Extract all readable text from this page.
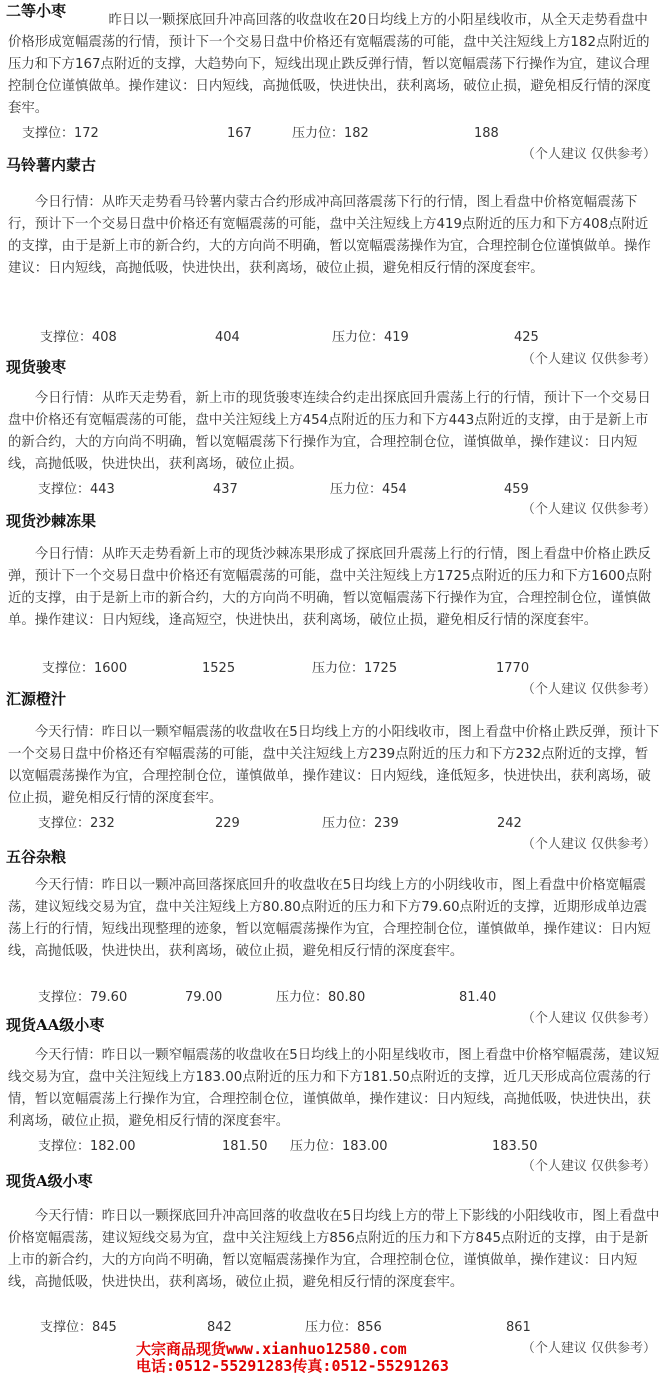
二等小枣
昨日以一颗探底回升冲高回落的收盘收在20日均线上方的小阳星线收市，从全天走势看盘中价格形成宽幅震荡的行情，预计下一个交易日盘中价格还有宽幅震荡的可能，盘中关注短线上方182点附近的压力和下方167点附近的支撑，大趋势向下，短线出现止跌反弹行情，暂以宽幅震荡下行操作为宜，建议合理控制仓位谨慎做单。操作建议：日内短线，高抛低吸，快进快出，获利离场，破位止损，避免相反行情的深度套牢。
支撑位：172	167	压力位：182	188
（个人建议 仅供参考）
马铃薯内蒙古
今日行情：从昨天走势看马铃薯内蒙古合约形成冲高回落震荡下行的行情，图上看盘中价格宽幅震荡下行，预计下一个交易日盘中价格还有宽幅震荡的可能，盘中关注短线上方419点附近的压力和下方408点附近的支撑，由于是新上市的新合约，大的方向尚不明确，暂以宽幅震荡操作为宜，合理控制仓位谨慎做单。操作建议：日内短线，高抛低吸，快进快出，获利离场，破位止损，避免相反行情的深度套牢。
支撑位：408	404	压力位：419	425
（个人建议 仅供参考）
现货骏枣
今日行情：从昨天走势看，新上市的现货骏枣连续合约走出探底回升震荡上行的行情，预计下一个交易日盘中价格还有宽幅震荡的可能，盘中关注短线上方454点附近的压力和下方443点附近的支撑，由于是新上市的新合约，大的方向尚不明确，暂以宽幅震荡下行操作为宜，合理控制仓位，谨慎做单，操作建议：日内短线，高抛低吸，快进快出，获利离场，破位止损。
支撑位：443	437	压力位：454	459
（个人建议 仅供参考）
现货沙棘冻果
今日行情：从昨天走势看新上市的现货沙棘冻果形成了探底回升震荡上行的行情，图上看盘中价格止跌反弹，预计下一个交易日盘中价格还有宽幅震荡的可能，盘中关注短线上方1725点附近的压力和下方1600点附近的支撑，由于是新上市的新合约，大的方向尚不明确，暂以宽幅震荡下行操作为宜，合理控制仓位，谨慎做单。操作建议：日内短线，逢高短空，快进快出，获利离场，破位止损，避免相反行情的深度套牢。
支撑位：1600	1525	压力位：1725	1770
（个人建议 仅供参考）
汇源橙汁
今天行情：昨日以一颗窄幅震荡的收盘收在5日均线上方的小阳线收市，图上看盘中价格止跌反弹，预计下一个交易日盘中价格还有窄幅震荡的可能，盘中关注短线上方239点附近的压力和下方232点附近的支撑，暂以宽幅震荡操作为宜，合理控制仓位，谨慎做单，操作建议：日内短线，逢低短多，快进快出，获利离场，破位止损，避免相反行情的深度套牢。
支撑位：232	229	压力位：239	242
（个人建议 仅供参考）
五谷杂粮
今天行情：昨日以一颗冲高回落探底回升的收盘收在5日均线上方的小阴线收市，图上看盘中价格宽幅震荡，建议短线交易为宜，盘中关注短线上方80.80点附近的压力和下方79.60点附近的支撑，近期形成单边震荡上行的行情，短线出现整理的迹象，暂以宽幅震荡操作为宜，合理控制仓位，谨慎做单，操作建议：日内短线，高抛低吸，快进快出，获利离场，破位止损，避免相反行情的深度套牢。
支撑位：79.60	79.00	压力位：80.80	81.40
（个人建议 仅供参考）
现货AA级小枣
今天行情：昨日以一颗窄幅震荡的收盘收在5日均线上的小阳星线收市，图上看盘中价格窄幅震荡，建议短线交易为宜，盘中关注短线上方183.00点附近的压力和下方181.50点附近的支撑，近几天形成高位震荡的行情，暂以宽幅震荡上行操作为宜，合理控制仓位，谨慎做单，操作建议：日内短线，高抛低吸，快进快出，获利离场，破位止损，避免相反行情的深度套牢。
支撑位：182.00	181.50 压力位：183.00	183.50
（个人建议 仅供参考）
现货A级小枣
今天行情：昨日以一颗探底回升冲高回落的收盘收在5日均线上方的带上下影线的小阳线收市，图上看盘中价格宽幅震荡，建议短线交易为宜，盘中关注短线上方856点附近的压力和下方845点附近的支撑，由于是新上市的新合约，大的方向尚不明确，暂以宽幅震荡操作为宜，合理控制仓位，谨慎做单，操作建议：日内短线，高抛低吸，快进快出，获利离场，破位止损，避免相反行情的深度套牢。
支撑位：845	842	压力位：856	861
（个人建议 仅供参考）
大宗商品现货www.xianhuo12580.com
电话:0512-55291283传真:0512-55291263
